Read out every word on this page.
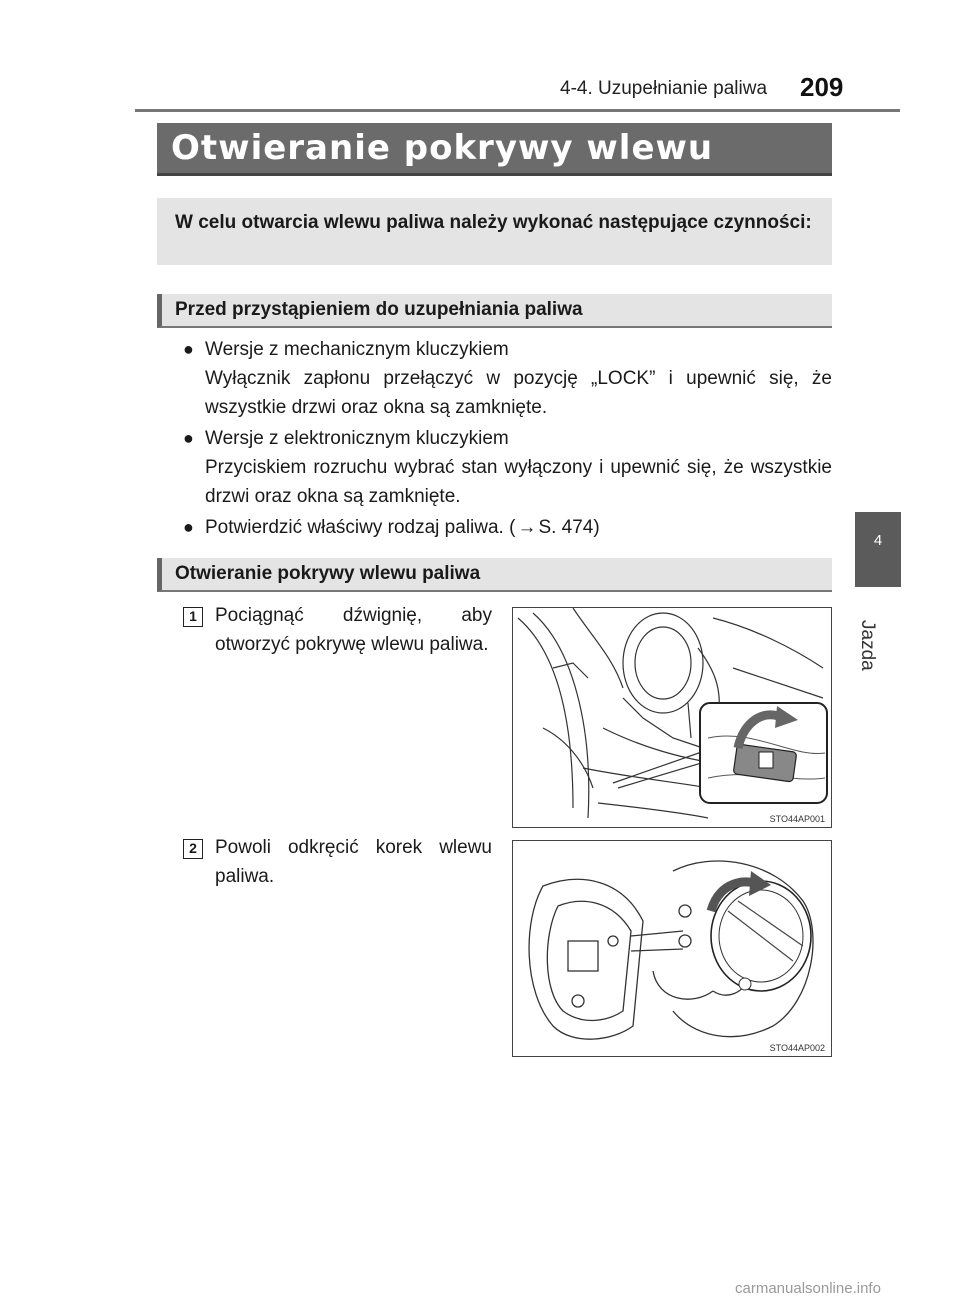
4-4. Uzupełnianie paliwa 209
4
Jazda
Otwieranie pokrywy wlewu

W celu otwarcia wlewu paliwa należy wykonać następujące czynności:

Przed przystąpieniem do uzupełniania paliwa
● Wersje z mechanicznym kluczykiem
Wyłącznik zapłonu przełączyć w pozycję „LOCK” i upewnić się, że wszystkie drzwi oraz okna są zamknięte.
● Wersje z elektronicznym kluczykiem
Przyciskiem rozruchu wybrać stan wyłączony i upewnić się, że wszystkie drzwi oraz okna są zamknięte.
● Potwierdzić właściwy rodzaj paliwa. ( → S. 474)
Otwieranie pokrywy wlewu paliwa
1 Pociągnąć dźwignię, aby otworzyć pokrywę wlewu paliwa.
STO44AP001
2 Powoli odkręcić korek wlewu paliwa.
STO44AP002
carmanualsonline.info
